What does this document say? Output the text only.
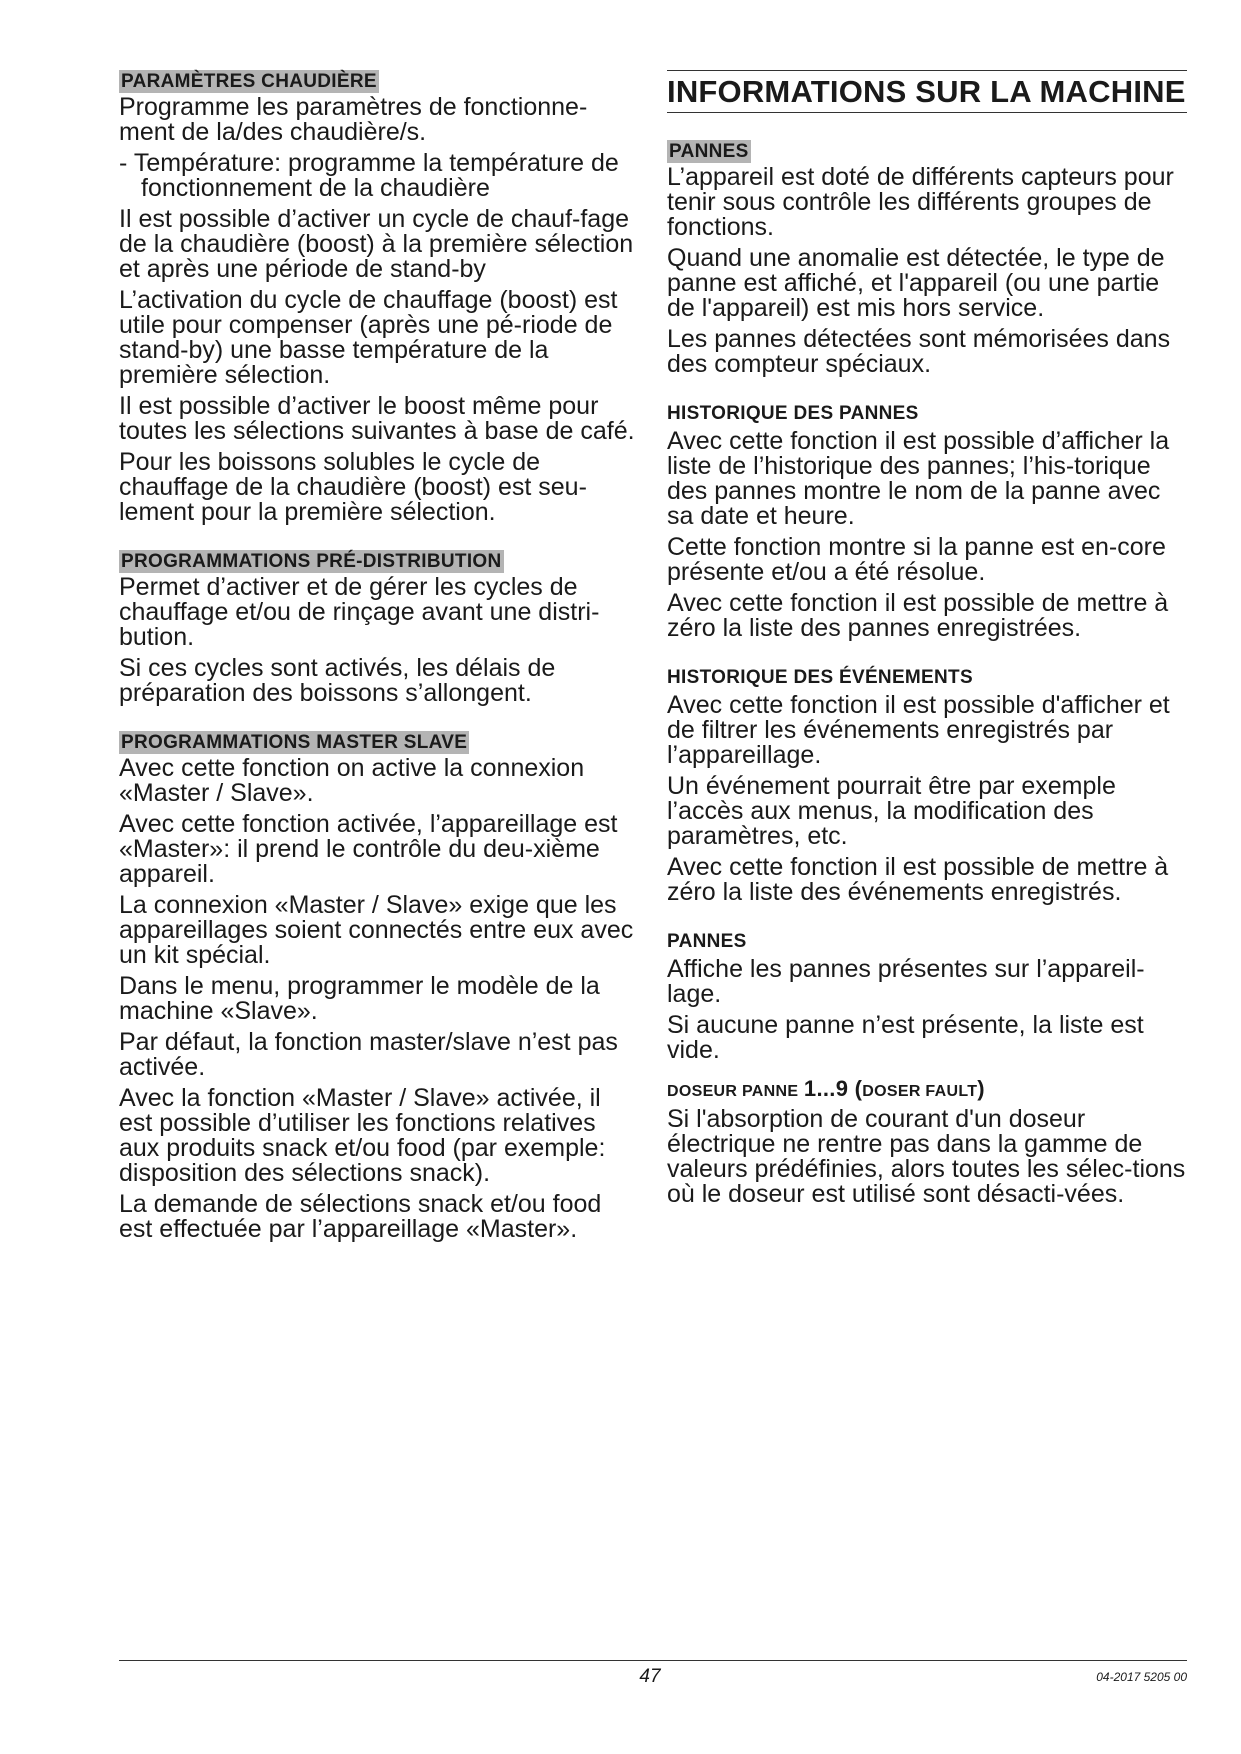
PARAMÈTRES CHAUDIÈRE

Programme les paramètres de fonctionne-ment de la/des chaudière/s.

- Température: programme la température de fonctionnement de la chaudière

Il est possible d’activer un cycle de chauf-fage de la chaudière (boost) à la première sélection et après une période de stand-by

L’activation du cycle de chauffage (boost) est utile pour compenser (après une pé-riode de stand-by) une basse température de la première sélection.

Il est possible d’activer le boost même pour toutes les sélections suivantes à base de café.

Pour les boissons solubles le cycle de chauffage de la chaudière (boost) est seu-lement pour la première sélection.

PROGRAMMATIONS PRÉ-DISTRIBUTION

Permet d’activer et de gérer les cycles de chauffage et/ou de rinçage avant une distri-bution.

Si ces cycles sont activés, les délais de préparation des boissons s’allongent.

PROGRAMMATIONS MASTER SLAVE

Avec cette fonction on active la connexion «Master / Slave».

Avec cette fonction activée, l’appareillage est «Master»: il prend le contrôle du deu-xième appareil.

La connexion «Master / Slave» exige que les appareillages soient connectés entre eux avec un kit spécial.

Dans le menu, programmer le modèle de la machine «Slave».

Par défaut, la fonction master/slave n’est pas activée.

Avec la fonction «Master / Slave» activée, il est possible d’utiliser les fonctions relatives aux produits snack et/ou food (par exemple: disposition des sélections snack).

La demande de sélections snack et/ou food est effectuée par l’appareillage «Master».

INFORMATIONS SUR LA MACHINE
PANNES

L’appareil est doté de différents capteurs pour tenir sous contrôle les différents groupes de fonctions.

Quand une anomalie est détectée, le type de panne est affiché, et l'appareil (ou une partie de l'appareil) est mis hors service.

Les pannes détectées sont mémorisées dans des compteur spéciaux.

HISTORIQUE DES PANNES

Avec cette fonction il est possible d’afficher la liste de l’historique des pannes; l’his-torique des pannes montre le nom de la panne avec sa date et heure.

Cette fonction montre si la panne est en-core présente et/ou a été résolue.

Avec cette fonction il est possible de mettre à zéro la liste des pannes enregistrées.

HISTORIQUE DES ÉVÉNEMENTS

Avec cette fonction il est possible d'afficher et de filtrer les événements enregistrés par l’appareillage.

Un événement pourrait être par exemple l’accès aux menus, la modification des paramètres, etc.

Avec cette fonction il est possible de mettre à zéro la liste des événements enregistrés.

PANNES

Affiche les pannes présentes sur l’appareil-lage.

Si aucune panne n’est présente, la liste est vide.

DOSEUR PANNE 1...9 (DOSER FAULT)

Si l'absorption de courant d'un doseur électrique ne rentre pas dans la gamme de valeurs prédéfinies, alors toutes les sélec-tions où le doseur est utilisé sont désacti-vées.

47	04-2017 5205 00
